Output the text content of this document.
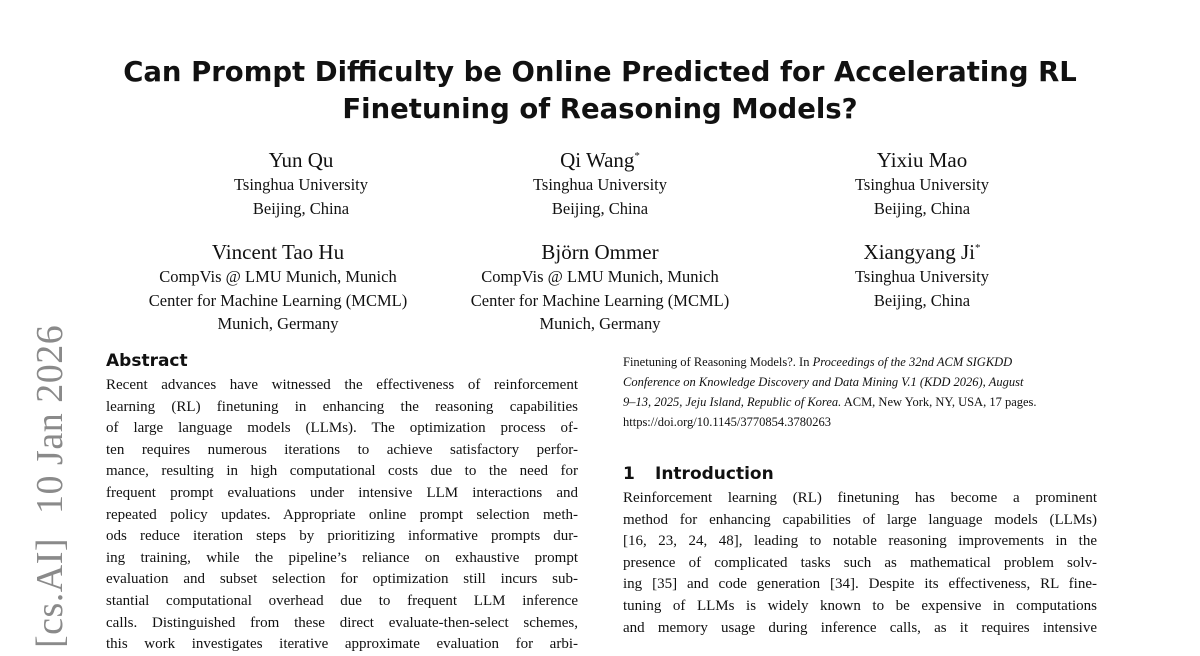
Can Prompt Difficulty be Online Predicted for Accelerating RL
Finetuning of Reasoning Models?
Yun Qu
Tsinghua University
Beijing, China
Qi Wang*
Tsinghua University
Beijing, China
Yixiu Mao
Tsinghua University
Beijing, China
Vincent Tao Hu
CompVis @ LMU Munich, Munich
Center for Machine Learning (MCML)
Munich, Germany
Björn Ommer
CompVis @ LMU Munich, Munich
Center for Machine Learning (MCML)
Munich, Germany
Xiangyang Ji*
Tsinghua University
Beijing, China
[cs.AI]10 Jan 2026 Abstract
Recent advances have witnessed the effectiveness of reinforcement
learning (RL) finetuning in enhancing the reasoning capabilities
of large language models (LLMs). The optimization process of-
ten requires numerous iterations to achieve satisfactory perfor-
mance, resulting in high computational costs due to the need for
frequent prompt evaluations under intensive LLM interactions and
repeated policy updates. Appropriate online prompt selection meth-
ods reduce iteration steps by prioritizing informative prompts dur-
ing training, while the pipeline’s reliance on exhaustive prompt
evaluation and subset selection for optimization still incurs sub-
stantial computational overhead due to frequent LLM inference
calls. Distinguished from these direct evaluate-then-select schemes,
this work investigates iterative approximate evaluation for arbi-
Finetuning of Reasoning Models?. In Proceedings of the 32nd ACM SIGKDD
Conference on Knowledge Discovery and Data Mining V.1 (KDD 2026), August
9–13, 2025, Jeju Island, Republic of Korea. ACM, New York, NY, USA, 17 pages.
https://doi.org/10.1145/3770854.3780263
1 Introduction
Reinforcement learning (RL) finetuning has become a prominent
method for enhancing capabilities of large language models (LLMs)
[16, 23, 24, 48], leading to notable reasoning improvements in the
presence of complicated tasks such as mathematical problem solv-
ing [35] and code generation [34]. Despite its effectiveness, RL fine-
tuning of LLMs is widely known to be expensive in computations
and memory usage during inference calls, as it requires intensive
